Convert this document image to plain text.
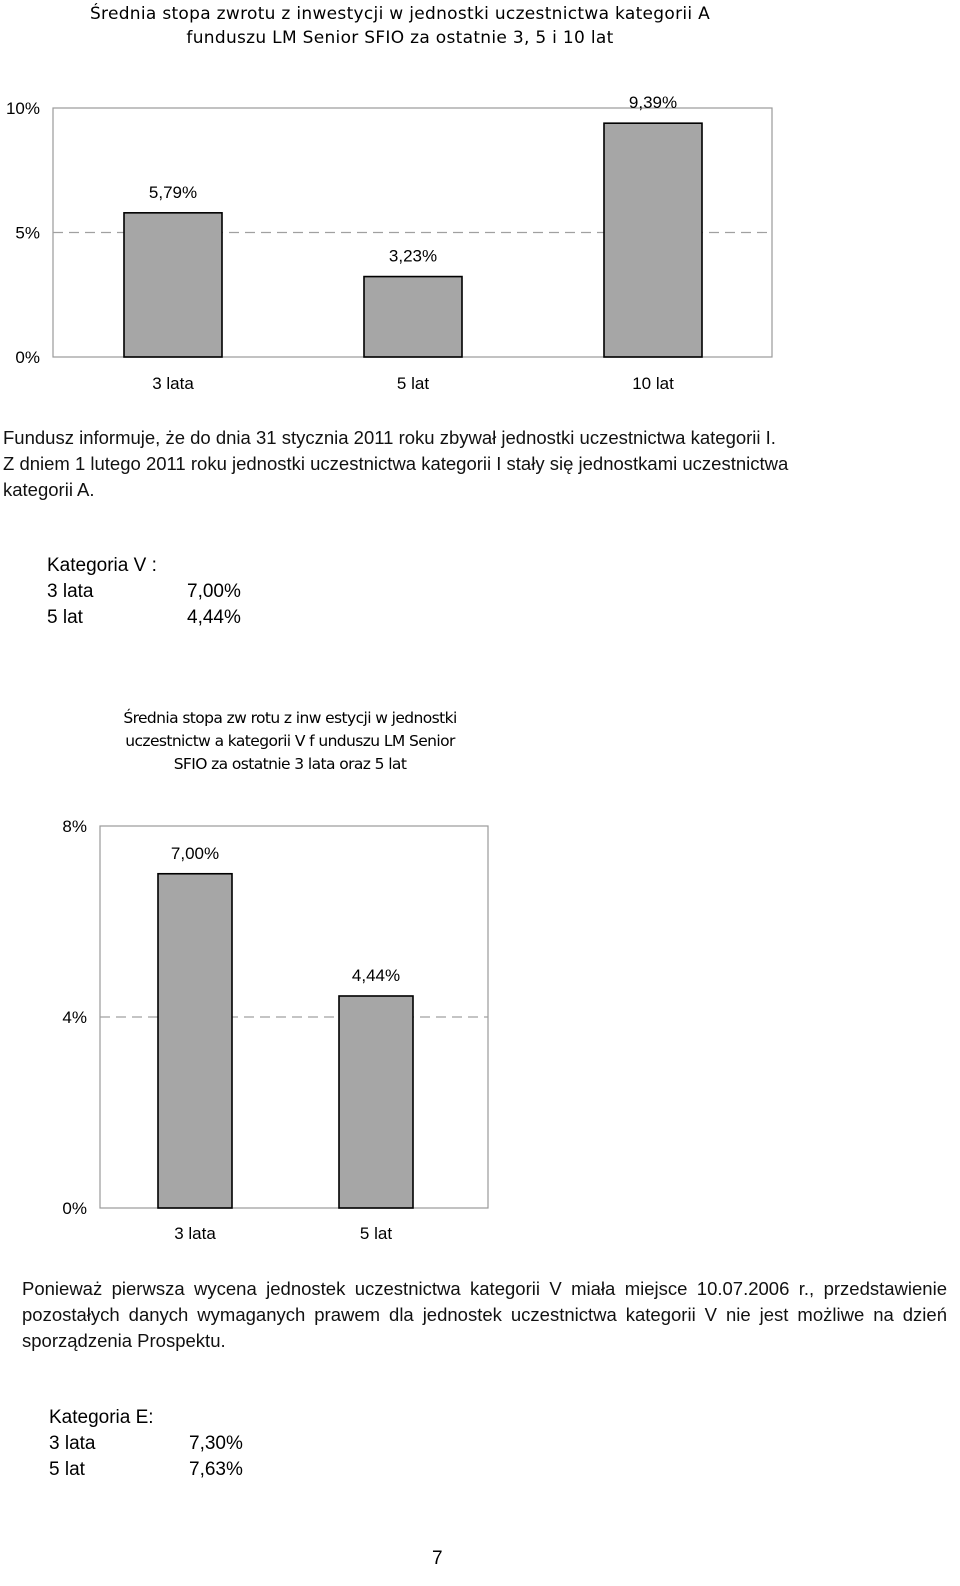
Średnia stopa zwrotu z inwestycji w jednostki uczestnictwa kategorii A
funduszu LM Senior SFIO za ostatnie 3, 5 i 10 lat
0%
5%
10%
5,79%
3 lata
3,23%
5 lat
9,39%
10 lat
Fundusz informuje, że do dnia 31 stycznia 2011 roku zbywał jednostki uczestnictwa kategorii I.
Z dniem 1 lutego 2011 roku jednostki uczestnictwa kategorii I stały się jednostkami uczestnictwa
kategorii A.
Kategoria V :
3 lata	7,00%
5 lat	4,44%
Średnia stopa zw rotu z inw estycji w jednostki
uczestnictw a kategorii V f unduszu LM Senior
SFIO za ostatnie 3 lata oraz 5 lat
0%
4%
8%
7,00%
3 lata
4,44%
5 lat
Ponieważ pierwsza wycena jednostek uczestnictwa kategorii V miała miejsce 10.07.2006 r., przedstawienie pozostałych danych wymaganych prawem dla jednostek uczestnictwa kategorii V nie jest możliwe na dzień sporządzenia Prospektu.
Kategoria E:
3 lata	7,30%
5 lat	7,63%
7
